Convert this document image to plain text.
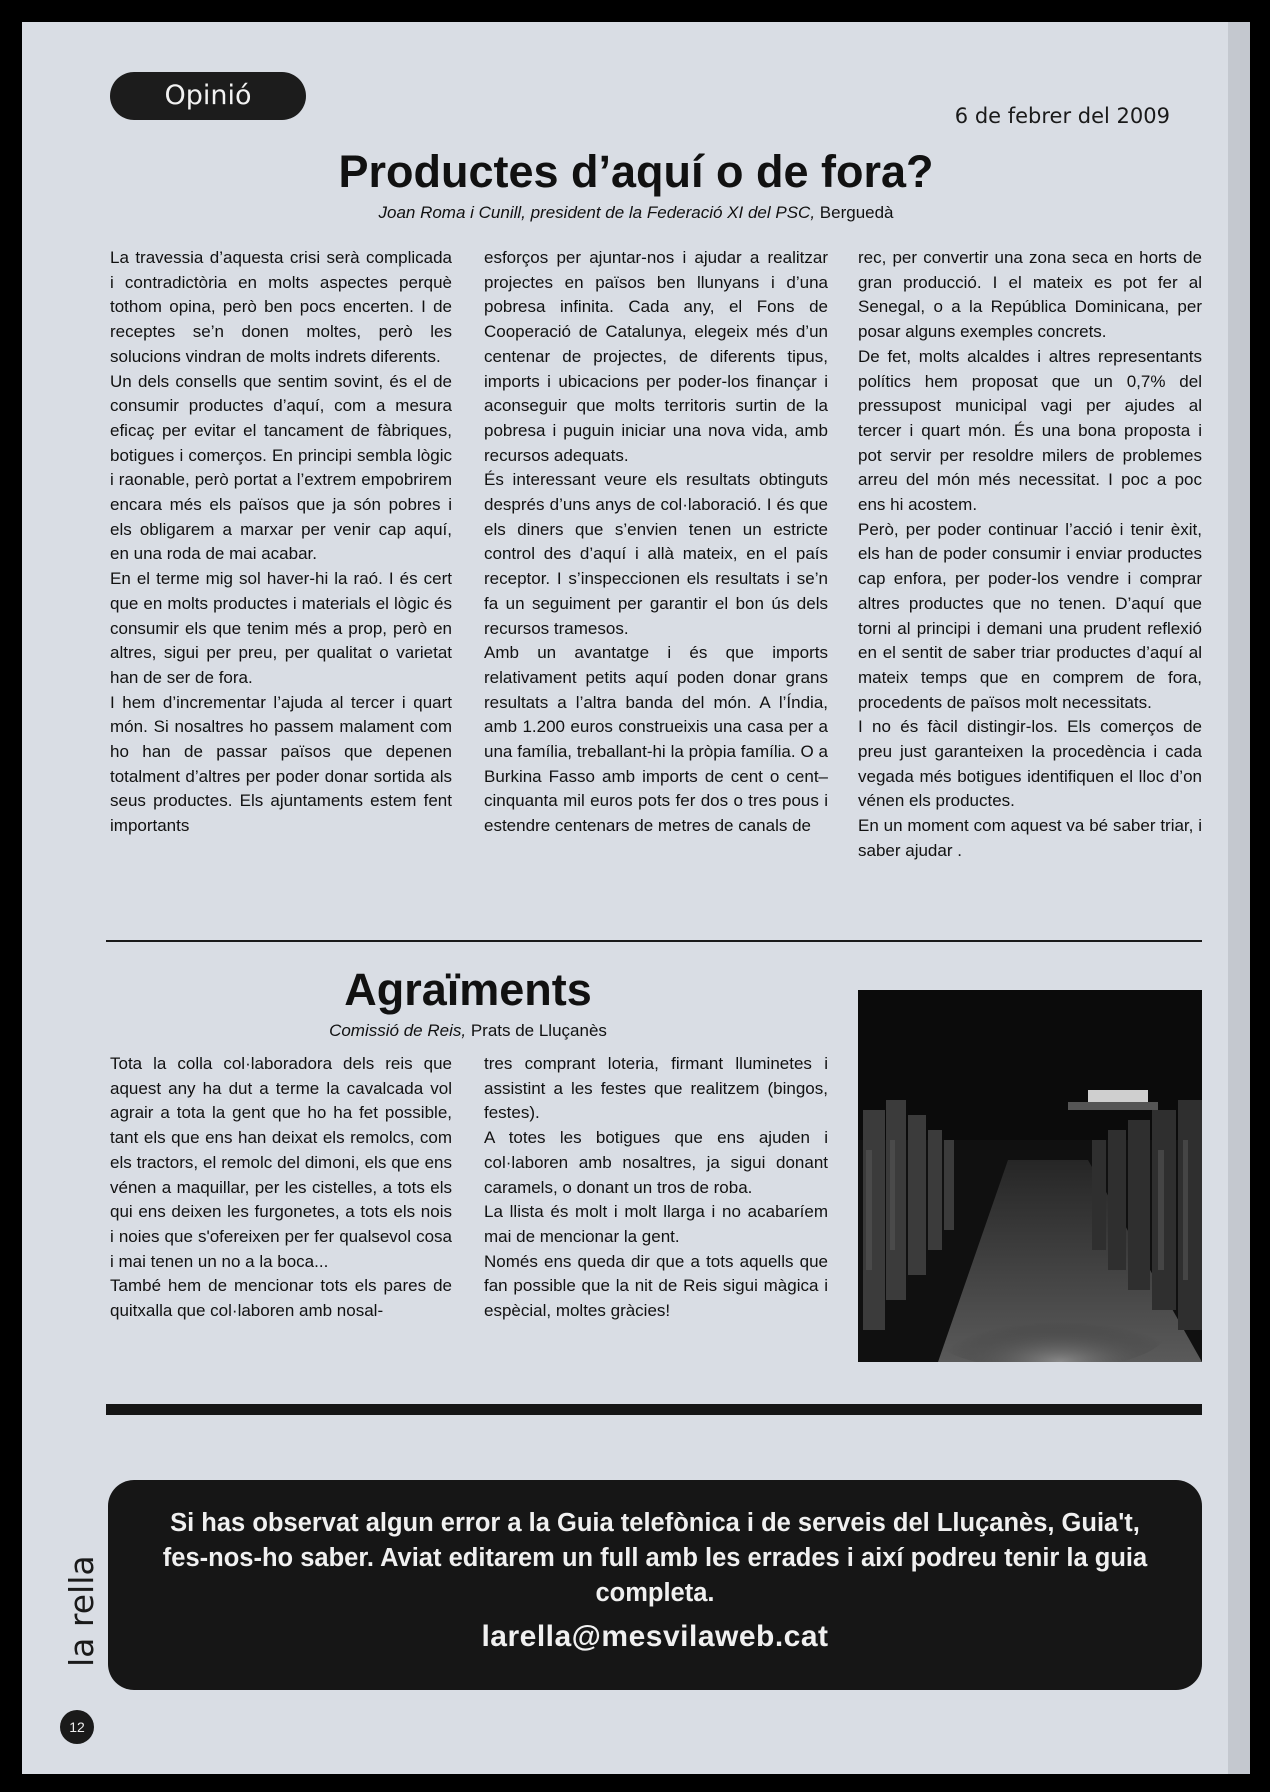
Opinió
6 de febrer del 2009
Productes d’aquí o de fora?
Joan Roma i Cunill, president de la Federació XI del PSC, Berguedà

La travessia d’aquesta crisi serà complicada i contradictòria en molts aspectes perquè tothom opina, però ben pocs encerten. I de receptes se’n donen moltes, però les solucions vindran de molts indrets diferents.

Un dels consells que sentim sovint, és el de consumir productes d’aquí, com a mesura eficaç per evitar el tancament de fàbriques, botigues i comerços. En principi sembla lògic i raonable, però portat a l’extrem empobrirem encara més els països que ja són pobres i els obligarem a marxar per venir cap aquí, en una roda de mai acabar.

En el terme mig sol haver-hi la raó. I és cert que en molts productes i materials el lògic és consumir els que tenim més a prop, però en altres, sigui per preu, per qualitat o varietat han de ser de fora.

I hem d’incrementar l’ajuda al tercer i quart món. Si nosaltres ho passem malament com ho han de passar països que depenen totalment d’altres per poder donar sortida als seus productes. Els ajuntaments estem fent importants

esforços per ajuntar-nos i ajudar a realitzar projectes en països ben llunyans i d’una pobresa infinita. Cada any, el Fons de Cooperació de Catalunya, elegeix més d’un centenar de projectes, de diferents tipus, imports i ubicacions per poder-los finançar i aconseguir que molts territoris surtin de la pobresa i puguin iniciar una nova vida, amb recursos adequats.

És interessant veure els resultats obtinguts després d’uns anys de col·laboració. I és que els diners que s’envien tenen un estricte control des d’aquí i allà mateix, en el país receptor. I s’inspeccionen els resultats i se’n fa un seguiment per garantir el bon ús dels recursos tramesos.

Amb un avantatge i és que imports relativament petits aquí poden donar grans resultats a l’altra banda del món. A l’Índia, amb 1.200 euros construeixis una casa per a una família, treballant-hi la pròpia família. O a Burkina Fasso amb imports de cent o cent–cinquanta mil euros pots fer dos o tres pous i estendre centenars de metres de canals de

rec, per convertir una zona seca en horts de gran producció. I el mateix es pot fer al Senegal, o a la República Dominicana, per posar alguns exemples concrets.

De fet, molts alcaldes i altres representants polítics hem proposat que un 0,7% del pressupost municipal vagi per ajudes al tercer i quart món. És una bona proposta i pot servir per resoldre milers de problemes arreu del món més necessitat. I poc a poc ens hi acostem.

Però, per poder continuar l’acció i tenir èxit, els han de poder consumir i enviar productes cap enfora, per poder-los vendre i comprar altres productes que no tenen. D’aquí que torni al principi i demani una prudent reflexió en el sentit de saber triar productes d’aquí al mateix temps que en comprem de fora, procedents de països molt necessitats.

I no és fàcil distingir-los. Els comerços de preu just garanteixen la procedència i cada vegada més botigues identifiquen el lloc d’on vénen els productes.

En un moment com aquest va bé saber triar, i saber ajudar .

Agraïments
Comissió de Reis, Prats de Lluçanès

Tota la colla col·laboradora dels reis que aquest any ha dut a terme la cavalcada vol agrair a tota la gent que ho ha fet possible, tant els que ens han deixat els remolcs, com els tractors, el remolc del dimoni, els que ens vénen a maquillar, per les cistelles, a tots els qui ens deixen les furgonetes, a tots els nois i noies que s'ofereixen per fer qualsevol cosa i mai tenen un no a la boca...

També hem de mencionar tots els pares de quitxalla que col·laboren amb nosal-

tres comprant loteria, firmant lluminetes i assistint a les festes que realitzem (bingos, festes).

A totes les botigues que ens ajuden i col·laboren amb nosaltres, ja sigui donant caramels, o donant un tros de roba.

La llista és molt i molt llarga i no acabaríem mai de mencionar la gent.

Només ens queda dir que a tots aquells que fan possible que la nit de Reis sigui màgica i espècial, moltes gràcies!

Si has observat algun error a la Guia telefònica i de serveis del Lluçanès, Guia't, fes-nos-ho saber. Aviat editarem un full amb les errades i així podreu tenir la guia completa.
larella@mesvilaweb.cat
la rella
12
